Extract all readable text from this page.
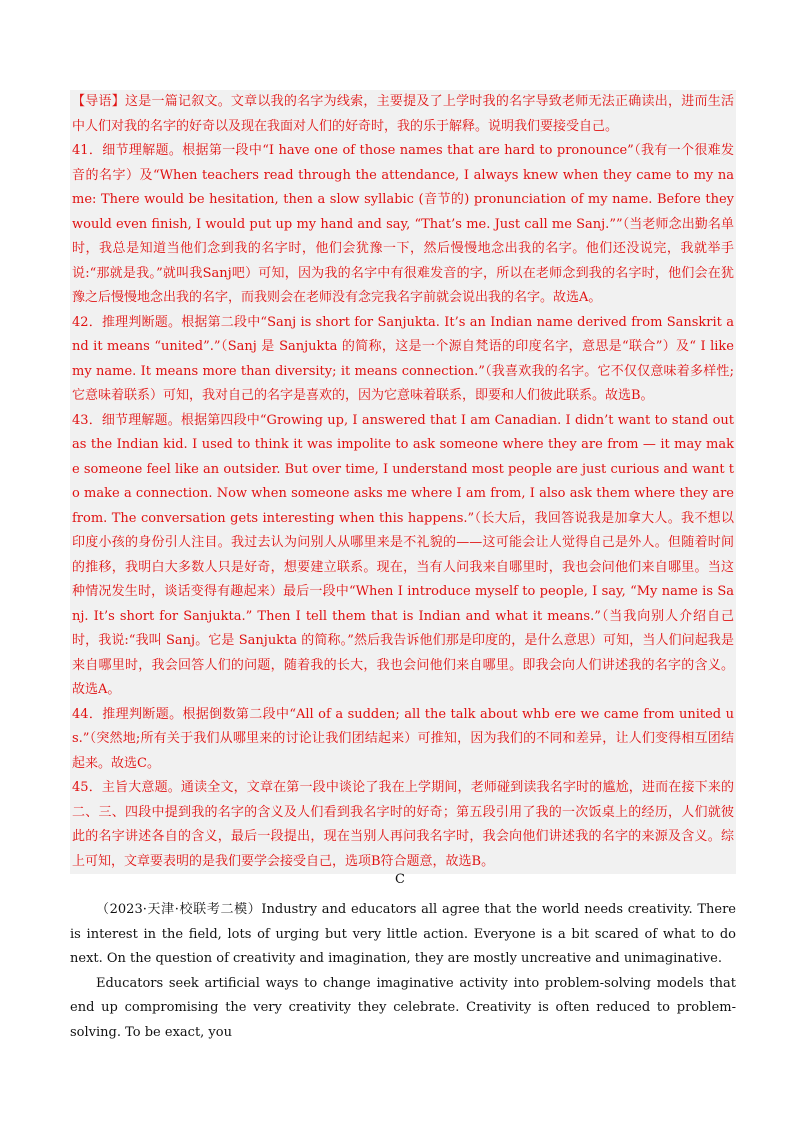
【导语】这是一篇记叙文。文章以我的名字为线索，主要提及了上学时我的名字导致老师无法正确读出，进而生活中人们对我的名字的好奇以及现在我面对人们的好奇时，我的乐于解释。说明我们要接受自己。

41．细节理解题。根据第一段中“I have one of those names that are hard to pronounce”（我有一个很难发音的名字）及“When teachers read through the attendance, I always knew when they came to my name: There would be hesitation, then a slow syllabic (音节的) pronunciation of my name. Before they would even finish, I would put up my hand and say, “That’s me. Just call me Sanj.””（当老师念出勤名单时，我总是知道当他们念到我的名字时，他们会犹豫一下，然后慢慢地念出我的名字。他们还没说完，我就举手说:“那就是我。”就叫我Sanj吧）可知，因为我的名字中有很难发音的字，所以在老师念到我的名字时，他们会在犹豫之后慢慢地念出我的名字，而我则会在老师没有念完我名字前就会说出我的名字。故选A。

42．推理判断题。根据第二段中“Sanj is short for Sanjukta. It’s an Indian name derived from Sanskrit and it means “united”.”（Sanj 是 Sanjukta 的简称，这是一个源自梵语的印度名字，意思是“联合”）及“ I like my name. It means more than diversity; it means connection.”（我喜欢我的名字。它不仅仅意味着多样性;它意味着联系）可知，我对自己的名字是喜欢的，因为它意味着联系，即要和人们彼此联系。故选B。

43．细节理解题。根据第四段中“Growing up, I answered that I am Canadian. I didn’t want to stand out as the Indian kid. I used to think it was impolite to ask someone where they are from — it may make someone feel like an outsider. But over time, I understand most people are just curious and want to make a connection. Now when someone asks me where I am from, I also ask them where they are from. The conversation gets interesting when this happens.”（长大后，我回答说我是加拿大人。我不想以印度小孩的身份引人注目。我过去认为问别人从哪里来是不礼貌的——这可能会让人觉得自己是外人。但随着时间的推移，我明白大多数人只是好奇，想要建立联系。现在，当有人问我来自哪里时，我也会问他们来自哪里。当这种情况发生时，谈话变得有趣起来）最后一段中“When I introduce myself to people, I say, “My name is Sanj. It’s short for Sanjukta.” Then I tell them that is Indian and what it means.”（当我向别人介绍自己时，我说:“我叫 Sanj。它是 Sanjukta 的简称。”然后我告诉他们那是印度的，是什么意思）可知，当人们问起我是来自哪里时，我会回答人们的问题，随着我的长大，我也会问他们来自哪里。即我会向人们讲述我的名字的含义。故选A。

44．推理判断题。根据倒数第二段中“All of a sudden; all the talk about whb ere we came from united us.”（突然地;所有关于我们从哪里来的讨论让我们团结起来）可推知，因为我们的不同和差异，让人们变得相互团结起来。故选C。

45．主旨大意题。通读全文，文章在第一段中谈论了我在上学期间，老师碰到读我名字时的尴尬，进而在接下来的二、三、四段中提到我的名字的含义及人们看到我名字时的好奇；第五段引用了我的一次饭桌上的经历，人们就彼此的名字讲述各自的含义，最后一段提出，现在当别人再问我名字时，我会向他们讲述我的名字的来源及含义。综上可知，文章要表明的是我们要学会接受自己，选项B符合题意，故选B。

C

（2023·天津·校联考二模）Industry and educators all agree that the world needs creativity. There is interest in the field, lots of urging but very little action. Everyone is a bit scared of what to do next. On the question of creativity and imagination, they are mostly uncreative and unimaginative.

Educators seek artificial ways to change imaginative activity into problem-solving models that end up compromising the very creativity they celebrate. Creativity is often reduced to problem-solving. To be exact, you
